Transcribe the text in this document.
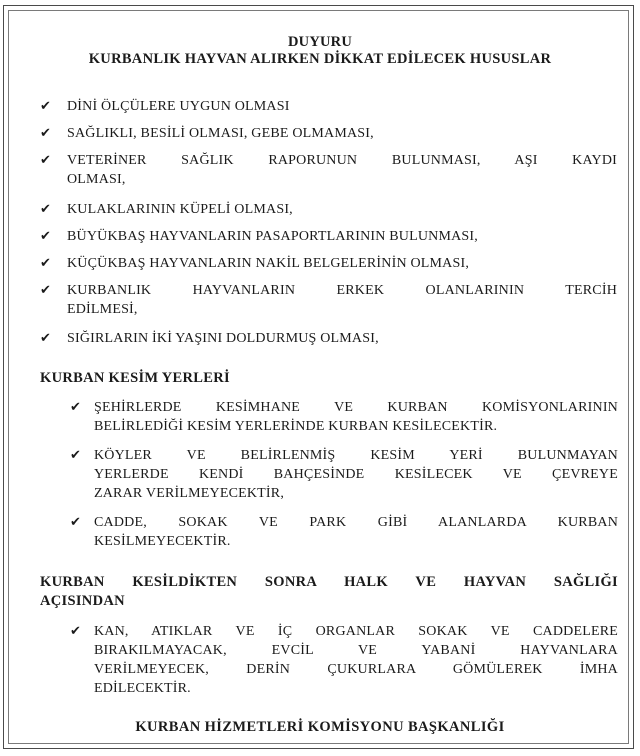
DUYURU
KURBANLIK HAYVAN ALIRKEN DİKKAT EDİLECEK HUSUSLAR
✔ DİNİ ÖLÇÜLERE UYGUN OLMASI
✔ SAĞLIKLI, BESİLİ OLMASI, GEBE OLMAMASI,
✔ VETERİNER SAĞLIK RAPORUNUN BULUNMASI, AŞI KAYDI
OLMASI,
✔ KULAKLARININ KÜPELİ OLMASI,
✔ BÜYÜKBAŞ HAYVANLARIN PASAPORTLARININ BULUNMASI,
✔ KÜÇÜKBAŞ HAYVANLARIN NAKİL BELGELERİNİN OLMASI,
✔ KURBANLIK HAYVANLARIN ERKEK OLANLARININ TERCİH
EDİLMESİ,
✔ SIĞIRLARIN İKİ YAŞINI DOLDURMUŞ OLMASI,
KURBAN KESİM YERLERİ
✔ ŞEHİRLERDE KESİMHANE VE KURBAN KOMİSYONLARININ
BELİRLEDİĞİ KESİM YERLERİNDE KURBAN KESİLECEKTİR.
✔ KÖYLER VE BELİRLENMİŞ KESİM YERİ BULUNMAYAN
YERLERDE KENDİ BAHÇESİNDE KESİLECEK VE ÇEVREYE
ZARAR VERİLMEYECEKTİR,
✔ CADDE, SOKAK VE PARK GİBİ ALANLARDA KURBAN
KESİLMEYECEKTİR.
KURBAN KESİLDİKTEN SONRA HALK VE HAYVAN SAĞLIĞI
AÇISINDAN
✔ KAN, ATIKLAR VE İÇ ORGANLAR SOKAK VE CADDELERE
BIRAKILMAYACAK, EVCİL VE YABANİ HAYVANLARA
VERİLMEYECEK, DERİN ÇUKURLARA GÖMÜLEREK İMHA
EDİLECEKTİR.
KURBAN HİZMETLERİ KOMİSYONU BAŞKANLIĞI
